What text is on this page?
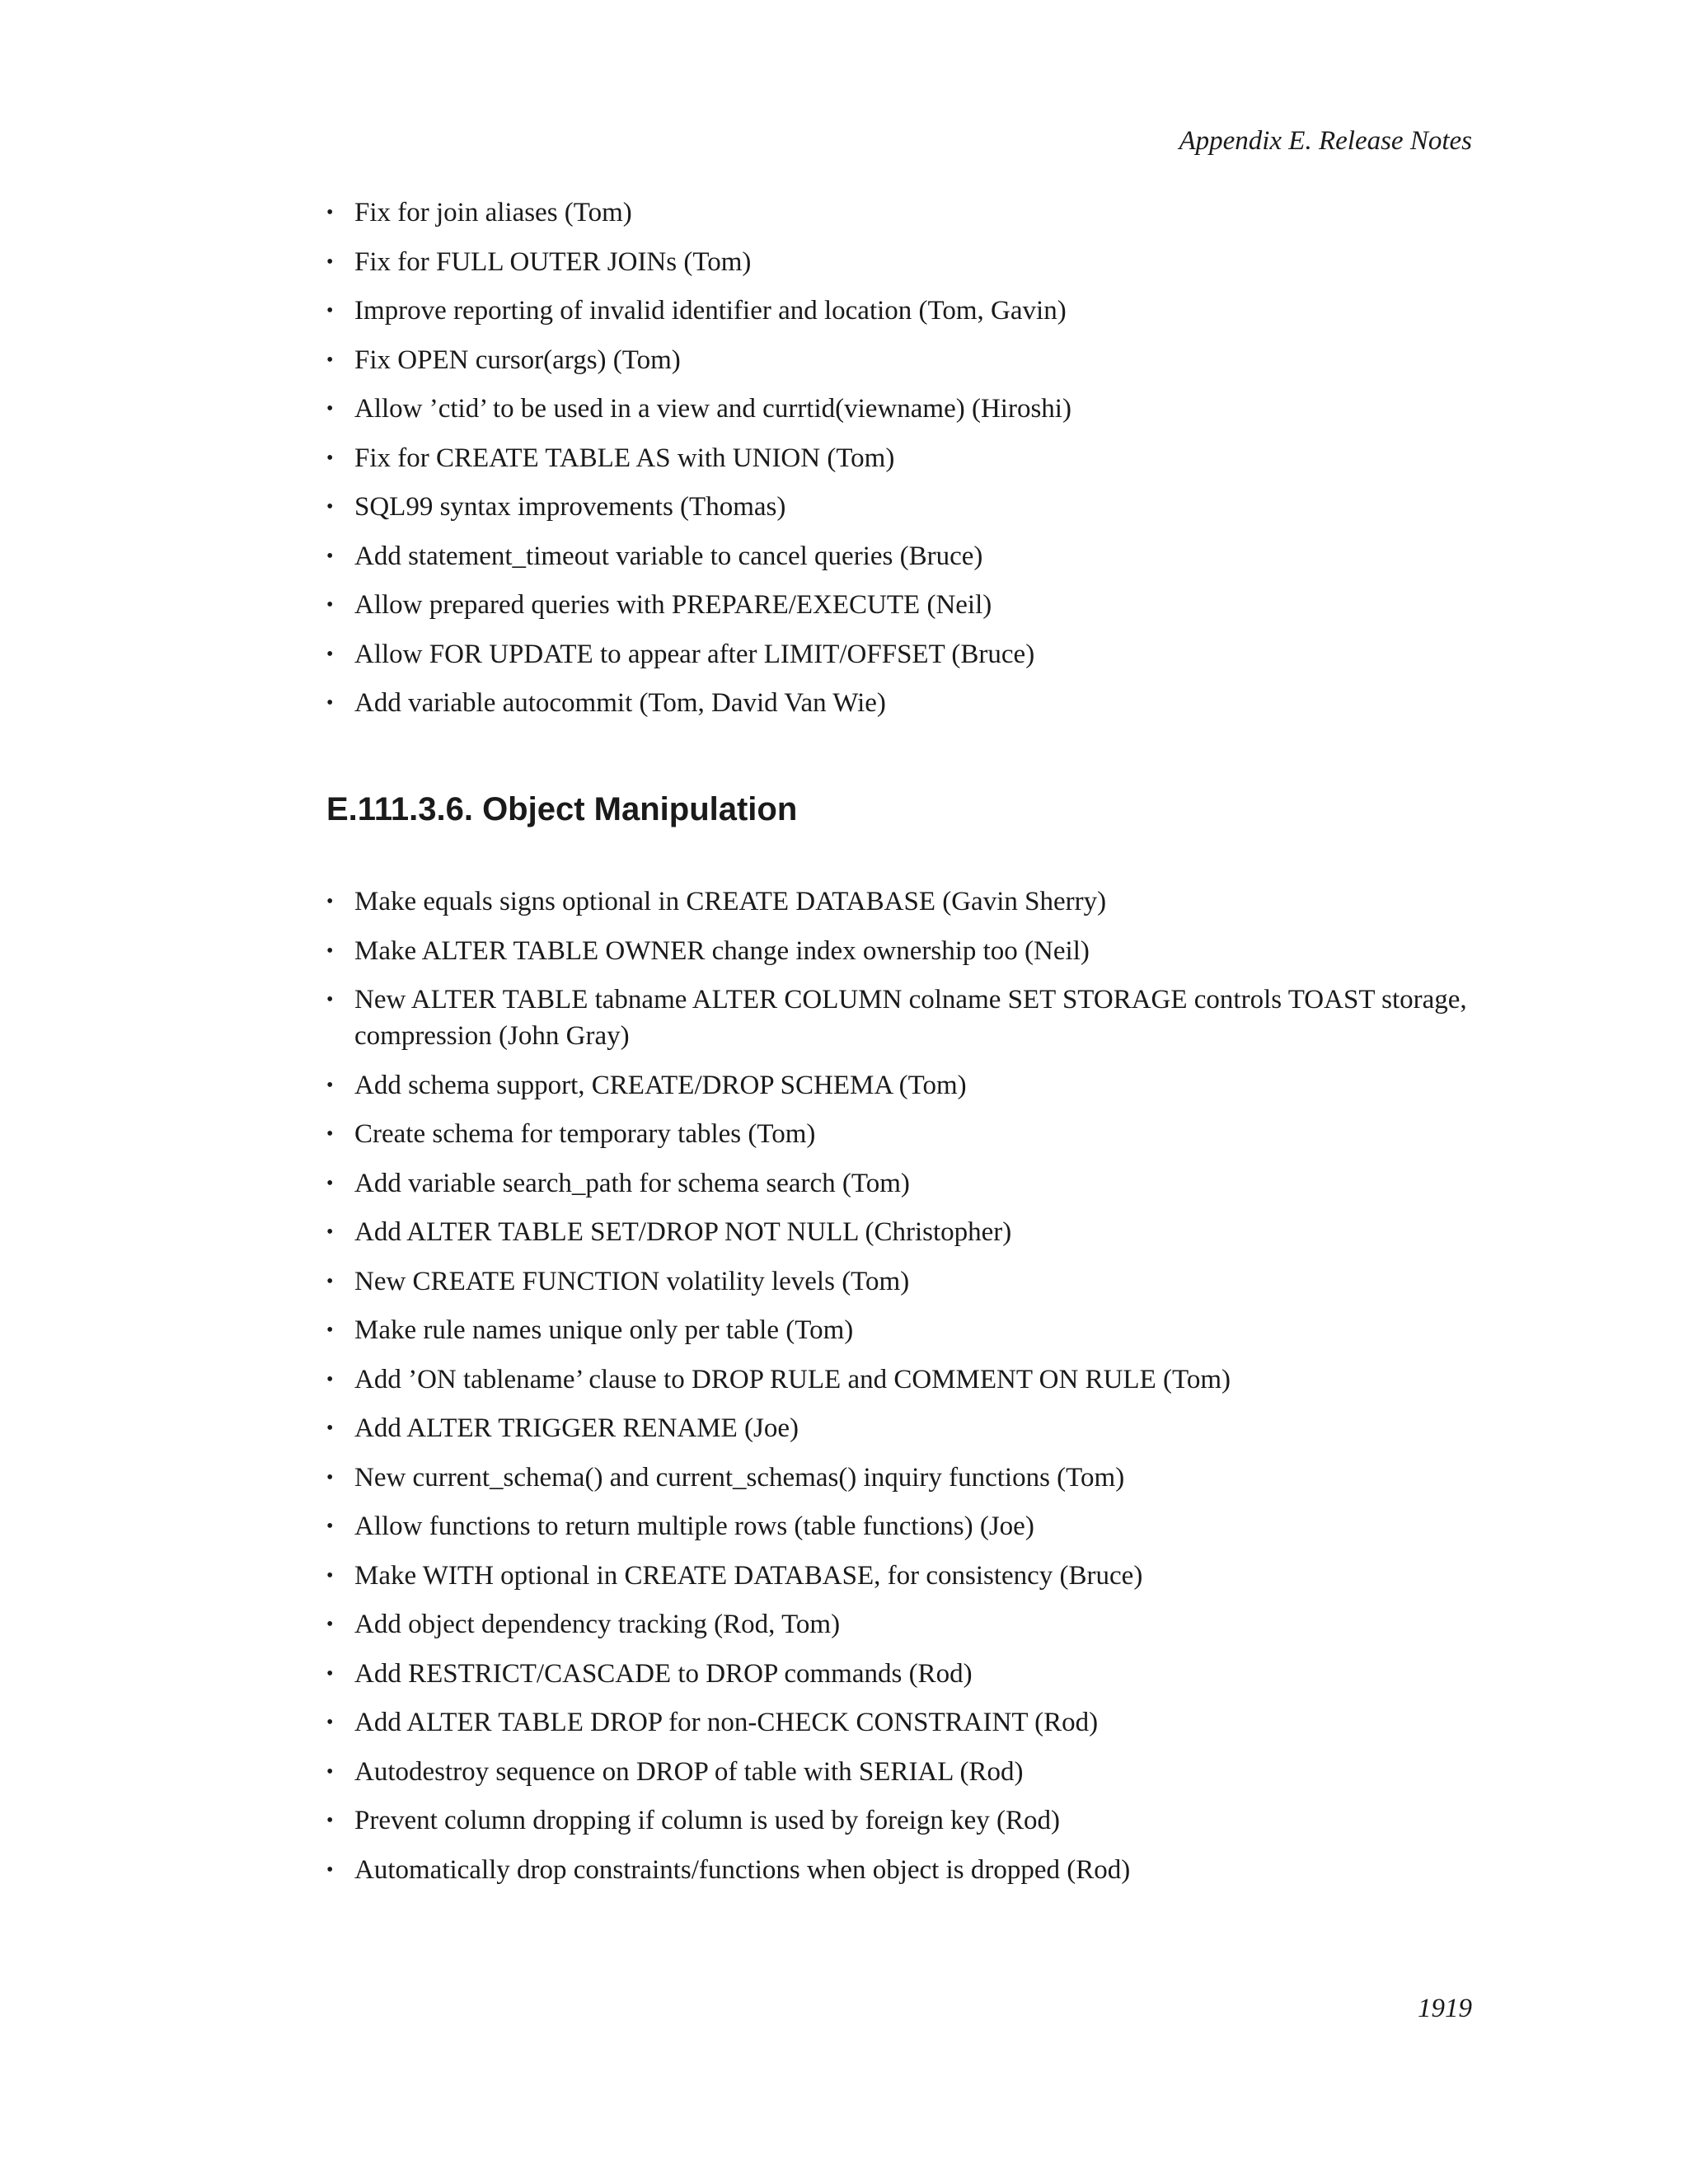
Appendix E. Release Notes
• Fix for join aliases (Tom)
• Fix for FULL OUTER JOINs (Tom)
• Improve reporting of invalid identifier and location (Tom, Gavin)
• Fix OPEN cursor(args) (Tom)
• Allow ’ctid’ to be used in a view and currtid(viewname) (Hiroshi)
• Fix for CREATE TABLE AS with UNION (Tom)
• SQL99 syntax improvements (Thomas)
• Add statement_timeout variable to cancel queries (Bruce)
• Allow prepared queries with PREPARE/EXECUTE (Neil)
• Allow FOR UPDATE to appear after LIMIT/OFFSET (Bruce)
• Add variable autocommit (Tom, David Van Wie)
E.111.3.6. Object Manipulation
• Make equals signs optional in CREATE DATABASE (Gavin Sherry)
• Make ALTER TABLE OWNER change index ownership too (Neil)
• New ALTER TABLE tabname ALTER COLUMN colname SET STORAGE controls TOAST storage, compression (John Gray)
• Add schema support, CREATE/DROP SCHEMA (Tom)
• Create schema for temporary tables (Tom)
• Add variable search_path for schema search (Tom)
• Add ALTER TABLE SET/DROP NOT NULL (Christopher)
• New CREATE FUNCTION volatility levels (Tom)
• Make rule names unique only per table (Tom)
• Add ’ON tablename’ clause to DROP RULE and COMMENT ON RULE (Tom)
• Add ALTER TRIGGER RENAME (Joe)
• New current_schema() and current_schemas() inquiry functions (Tom)
• Allow functions to return multiple rows (table functions) (Joe)
• Make WITH optional in CREATE DATABASE, for consistency (Bruce)
• Add object dependency tracking (Rod, Tom)
• Add RESTRICT/CASCADE to DROP commands (Rod)
• Add ALTER TABLE DROP for non-CHECK CONSTRAINT (Rod)
• Autodestroy sequence on DROP of table with SERIAL (Rod)
• Prevent column dropping if column is used by foreign key (Rod)
• Automatically drop constraints/functions when object is dropped (Rod)
1919
